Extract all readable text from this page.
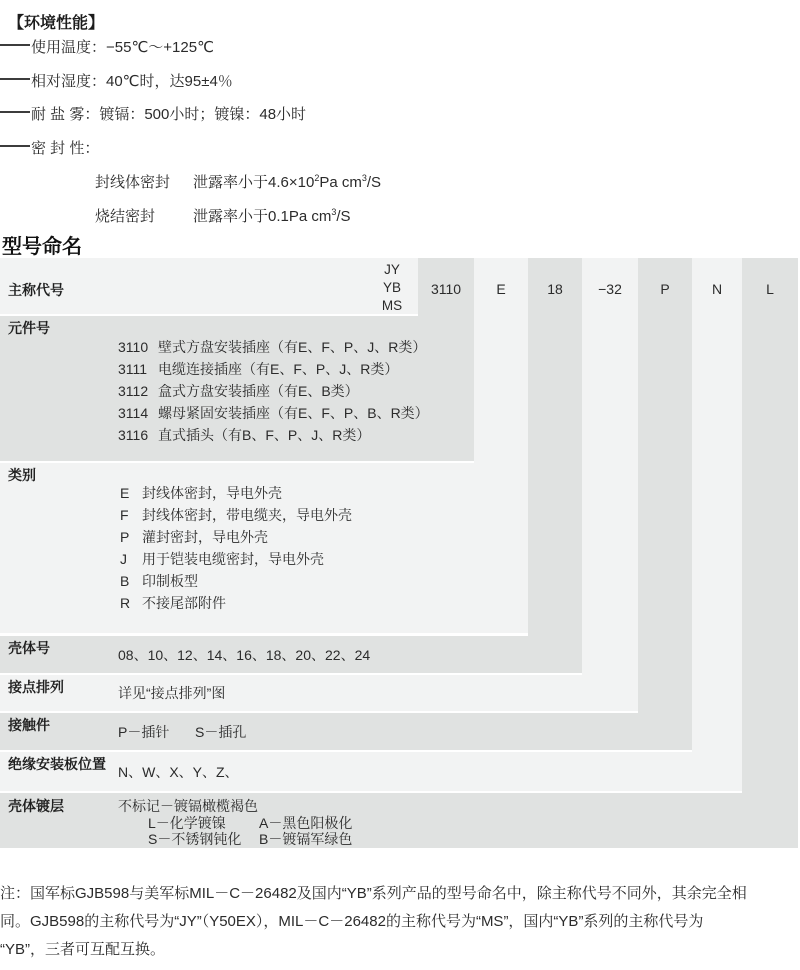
【环境性能】
使用温度：−55℃～+125℃
相对湿度：40℃时，达95±4％
耐 盐 雾：镀镉：500小时；镀镍：48小时
密 封 性：
封线体密封 泄露率小于$4.6\times 10^2Pa$ $cm^3/S$
烧结密封	泄露率小于0.1Pa $cm^3/S$
型号命名
主称代号
JY
YB
MS
3110	E	18	−32	P	N	L
元件号
3110 壁式方盘安装插座（有E、F、P、J、R类）
3111 电缆连接插座（有E、F、P、J、R类）
3112 盒式方盘安装插座（有E、B类）
3114 螺母紧固安装插座（有E、F、P、B、R类）
3116 直式插头（有B、F、P、J、R类）
类别
E 封线体密封，导电外壳
F 封线体密封，带电缆夹，导电外壳
P 灌封密封，导电外壳
J 用于铠装电缆密封，导电外壳
B 印制板型
R 不接尾部附件
壳体号	08、10、12、14、16、18、20、22、24
接点排列	详见“接点排列”图
接触件	P－插针 S－插孔
绝缘安装板位置 N、W、X、Y、Z、
壳体镀层	不标记－镀镉橄榄褐色
L－化学镀镍 A－黑色阳极化
S－不锈钢钝化 B－镀镉军绿色
注：国军标GJB598与美军标MIL－C－26482及国内“YB”系列产品的型号命名中，除主称代号不同外，其余完全相
同。GJB598的主称代号为“JY”（Y50EX），MIL－C－26482的主称代号为“MS”，国内“YB”系列的主称代号为
“YB”，三者可互配互换。
